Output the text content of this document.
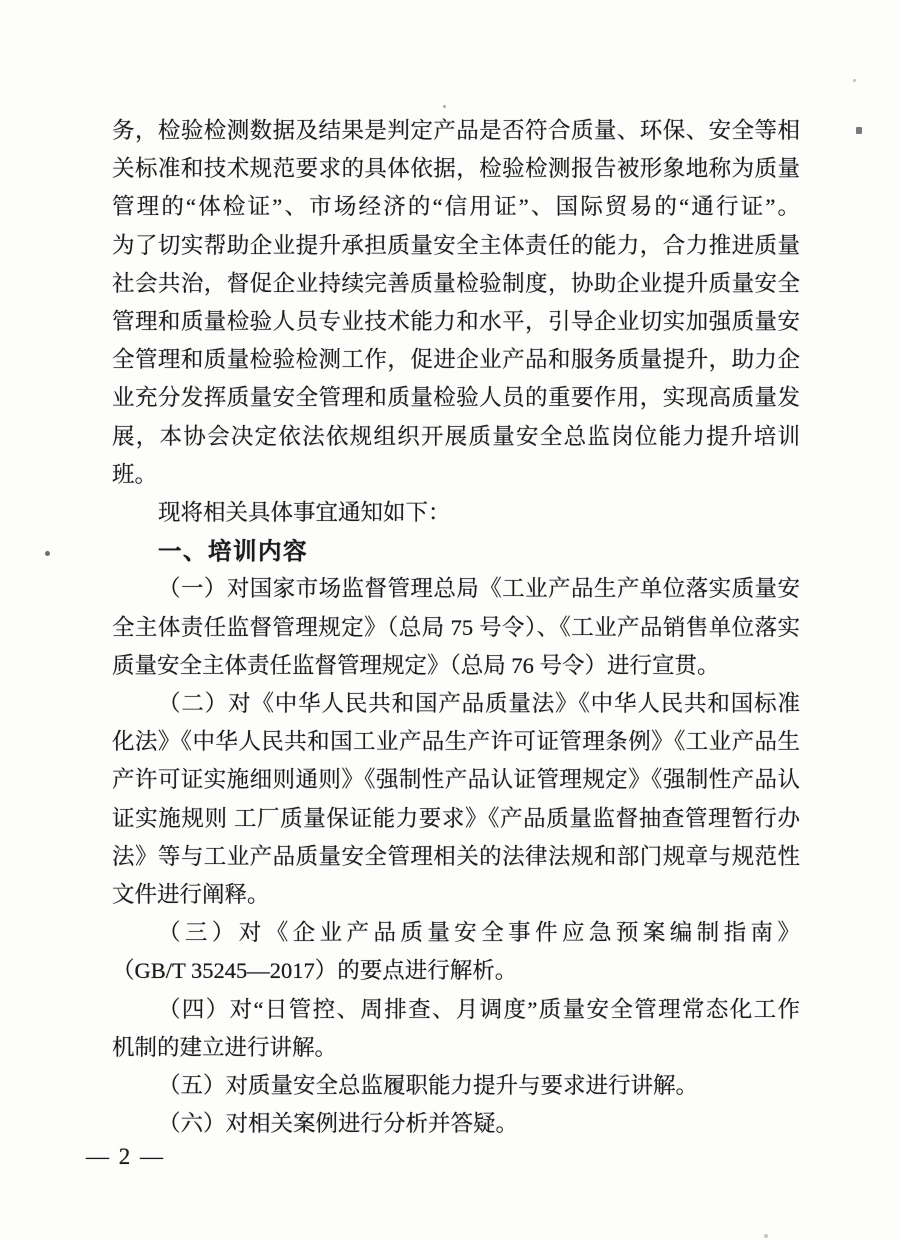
务，检验检测数据及结果是判定产品是否符合质量、环保、安全等相
关标准和技术规范要求的具体依据，检验检测报告被形象地称为质量
管理的“体检证”、市场经济的“信用证”、国际贸易的“通行证”。
为了切实帮助企业提升承担质量安全主体责任的能力，合力推进质量
社会共治，督促企业持续完善质量检验制度，协助企业提升质量安全
管理和质量检验人员专业技术能力和水平，引导企业切实加强质量安
全管理和质量检验检测工作，促进企业产品和服务质量提升，助力企
业充分发挥质量安全管理和质量检验人员的重要作用，实现高质量发
展，本协会决定依法依规组织开展质量安全总监岗位能力提升培训
班。
现将相关具体事宜通知如下：
一、培训内容
（一）对国家市场监督管理总局《工业产品生产单位落实质量安
全主体责任监督管理规定》（总局 75 号令）、《工业产品销售单位落实
质量安全主体责任监督管理规定》（总局 76 号令）进行宣贯。
（二）对《中华人民共和国产品质量法》《中华人民共和国标准
化法》《中华人民共和国工业产品生产许可证管理条例》《工业产品生
产许可证实施细则通则》《强制性产品认证管理规定》《强制性产品认
证实施规则 工厂质量保证能力要求》《产品质量监督抽查管理暂行办
法》等与工业产品质量安全管理相关的法律法规和部门规章与规范性
文件进行阐释。
（三）对《企业产品质量安全事件应急预案编制指南》
（GB/T 35245—2017）的要点进行解析。
（四）对“日管控、周排查、月调度”质量安全管理常态化工作
机制的建立进行讲解。
（五）对质量安全总监履职能力提升与要求进行讲解。
（六）对相关案例进行分析并答疑。
— 2 —
